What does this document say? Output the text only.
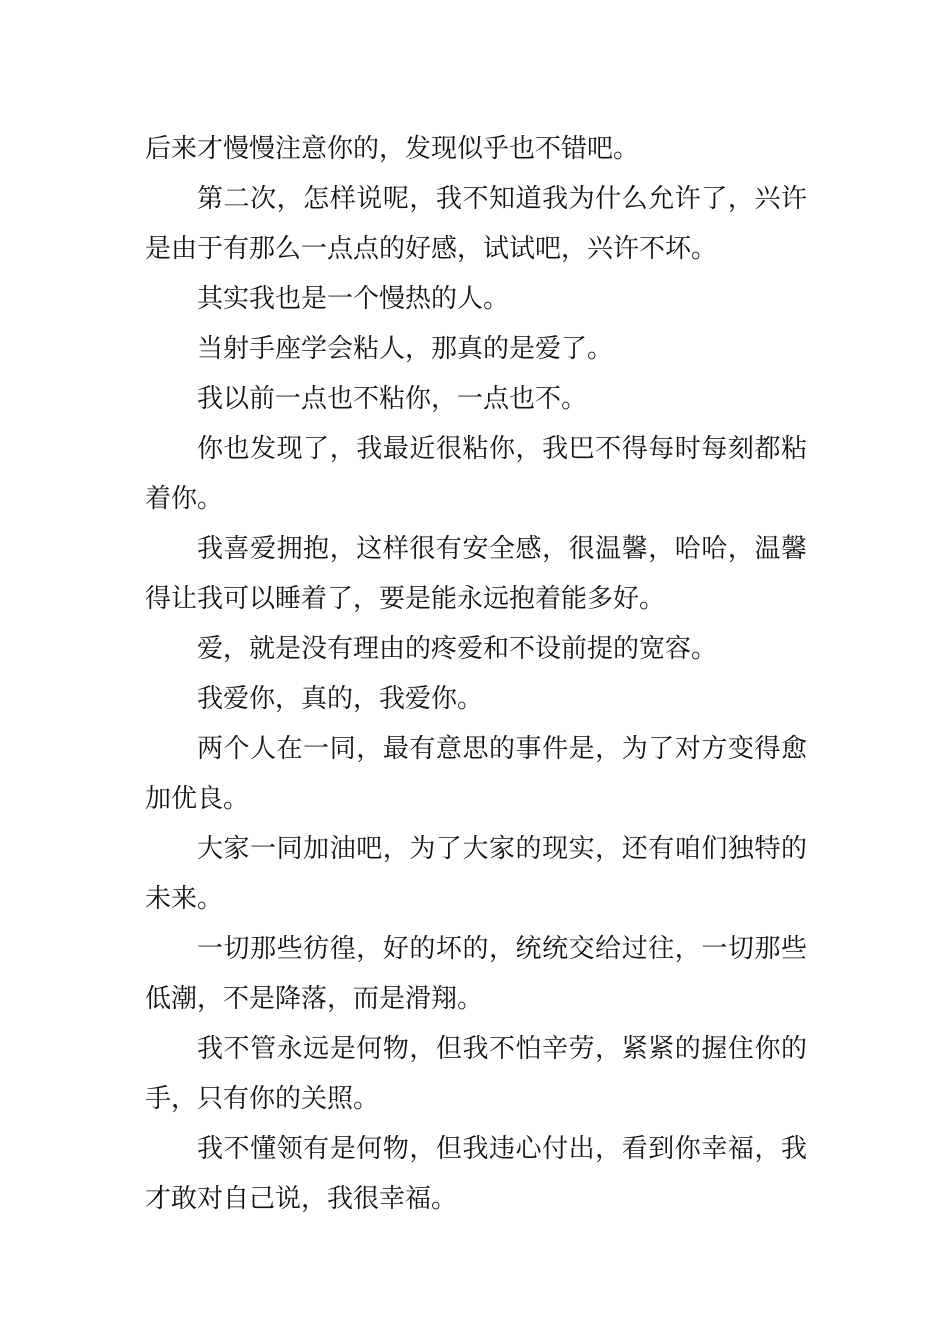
后来才慢慢注意你的，发现似乎也不错吧。

第二次，怎样说呢，我不知道我为什么允许了，兴许是由于有那么一点点的好感，试试吧，兴许不坏。

其实我也是一个慢热的人。

当射手座学会粘人，那真的是爱了。

我以前一点也不粘你，一点也不。

你也发现了，我最近很粘你，我巴不得每时每刻都粘着你。

我喜爱拥抱，这样很有安全感，很温馨，哈哈，温馨得让我可以睡着了，要是能永远抱着能多好。

爱，就是没有理由的疼爱和不设前提的宽容。

我爱你，真的，我爱你。

两个人在一同，最有意思的事件是，为了对方变得愈加优良。

大家一同加油吧，为了大家的现实，还有咱们独特的未来。

一切那些彷徨，好的坏的，统统交给过往，一切那些低潮，不是降落，而是滑翔。

我不管永远是何物，但我不怕辛劳，紧紧的握住你的手，只有你的关照。

我不懂领有是何物，但我违心付出，看到你幸福，我才敢对自己说，我很幸福。
